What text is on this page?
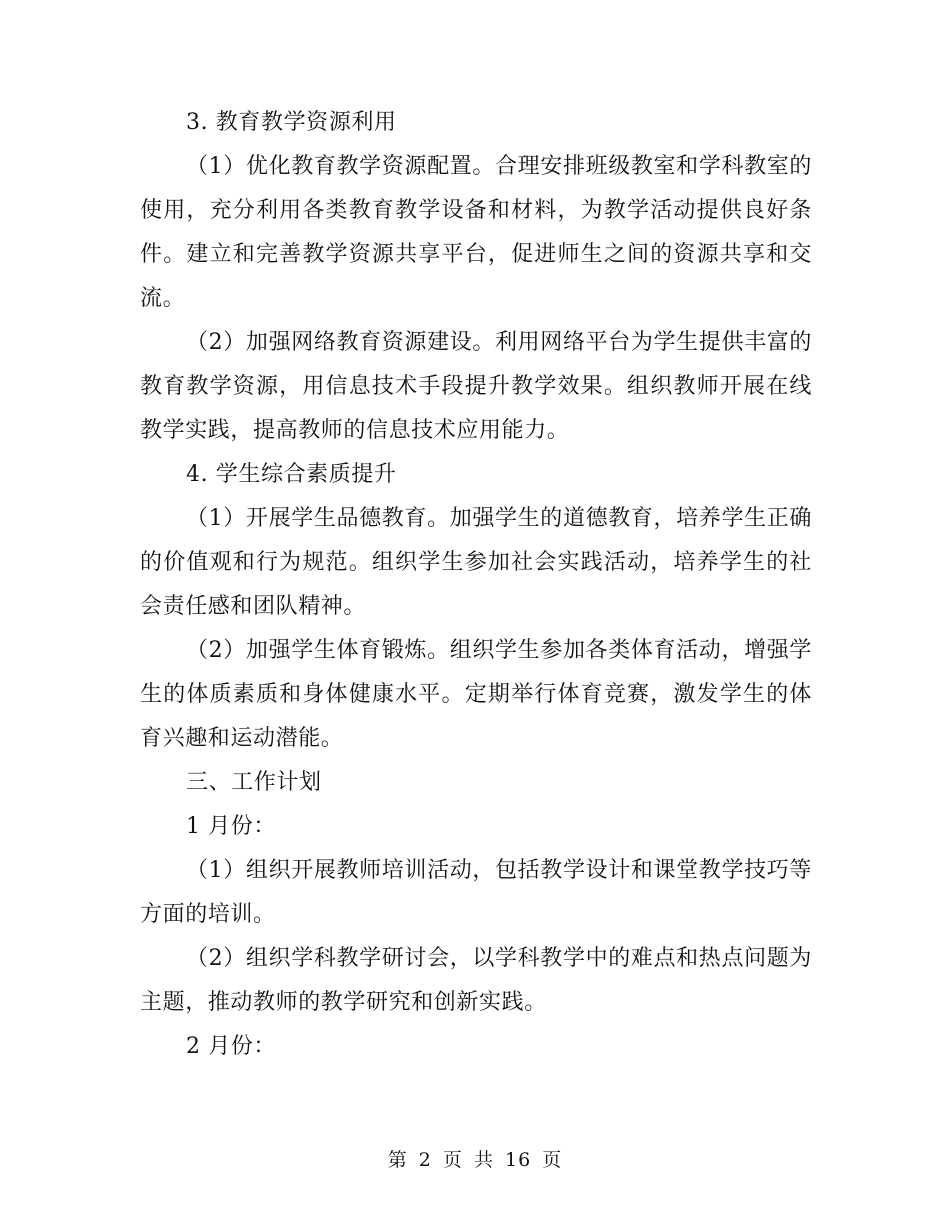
3. 教育教学资源利用

（1）优化教育教学资源配置。合理安排班级教室和学科教室的使用，充分利用各类教育教学设备和材料，为教学活动提供良好条件。建立和完善教学资源共享平台，促进师生之间的资源共享和交流。

（2）加强网络教育资源建设。利用网络平台为学生提供丰富的教育教学资源，用信息技术手段提升教学效果。组织教师开展在线教学实践，提高教师的信息技术应用能力。

4. 学生综合素质提升

（1）开展学生品德教育。加强学生的道德教育，培养学生正确的价值观和行为规范。组织学生参加社会实践活动，培养学生的社会责任感和团队精神。

（2）加强学生体育锻炼。组织学生参加各类体育活动，增强学生的体质素质和身体健康水平。定期举行体育竞赛，激发学生的体育兴趣和运动潜能。

三、工作计划

1 月份：

（1）组织开展教师培训活动，包括教学设计和课堂教学技巧等方面的培训。

（2）组织学科教学研讨会，以学科教学中的难点和热点问题为主题，推动教师的教学研究和创新实践。

2 月份：

第 2 页 共 16 页
